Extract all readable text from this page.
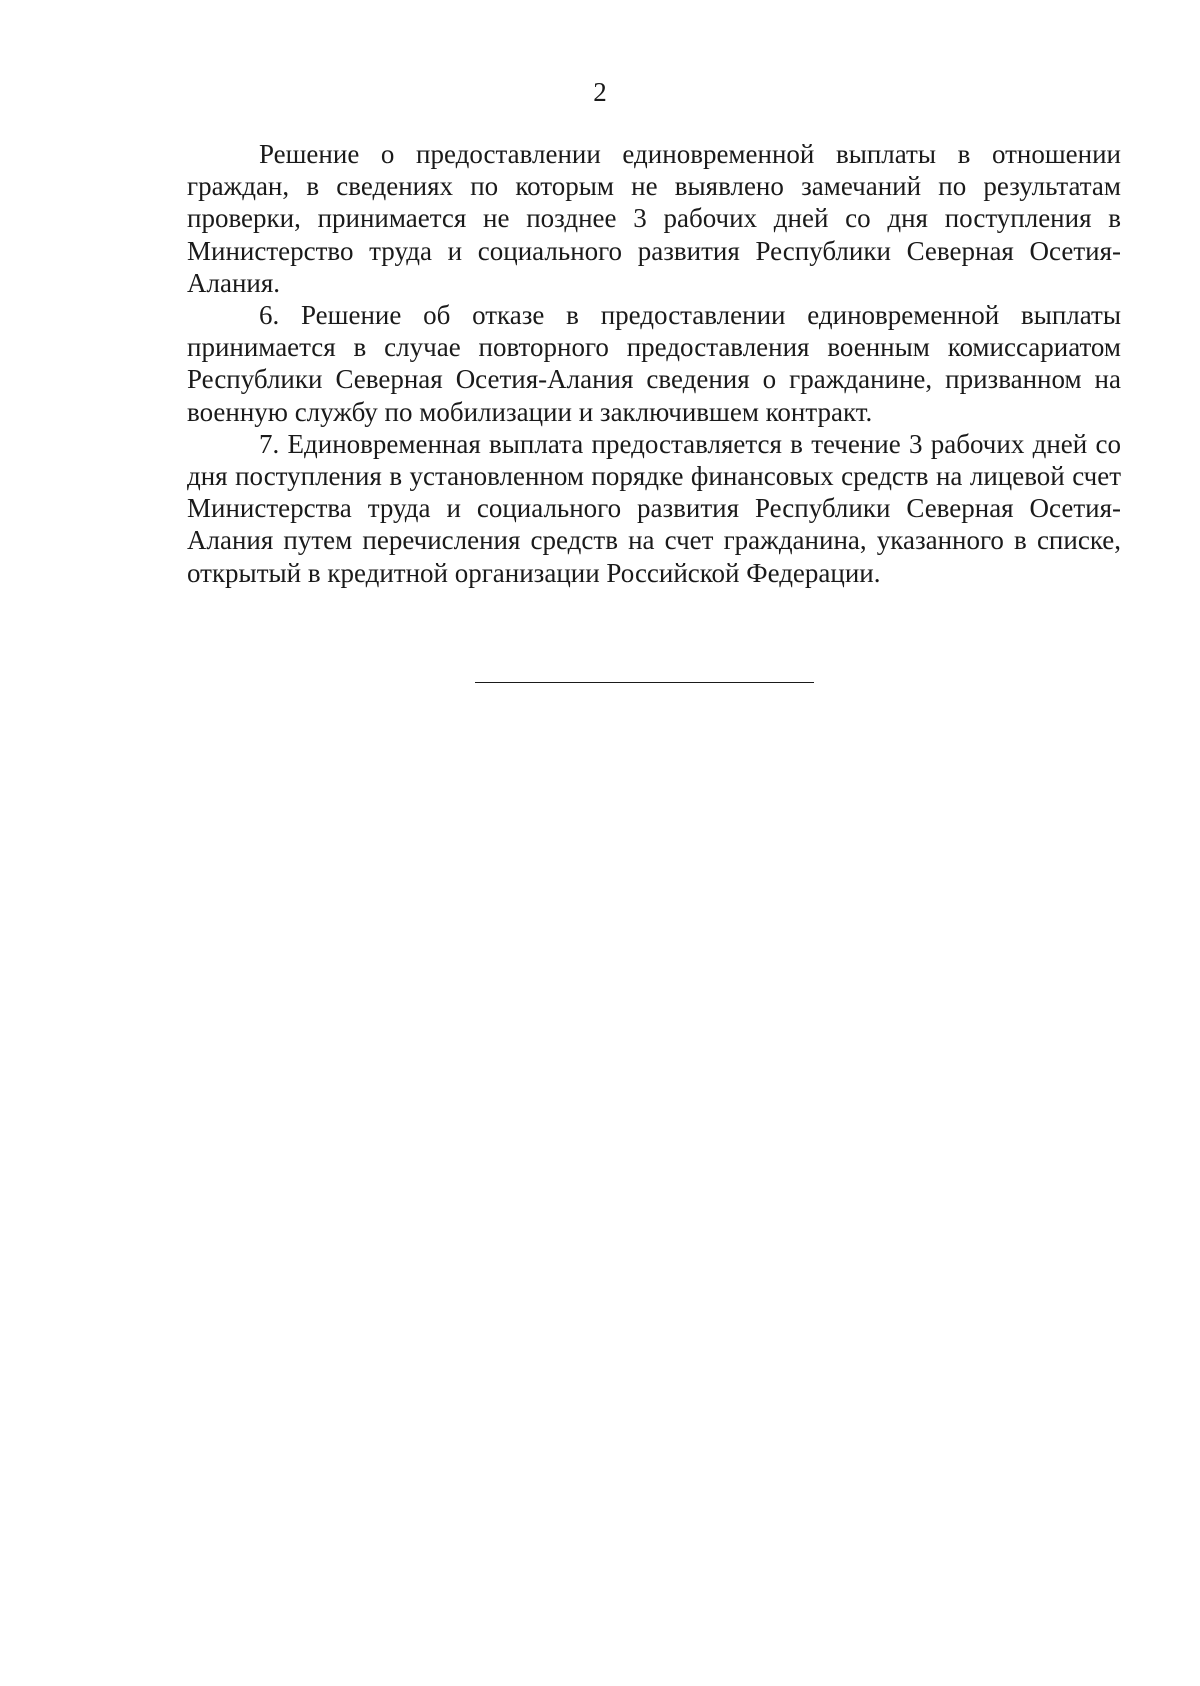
2

Решение о предоставлении единовременной выплаты в отношении граждан, в сведениях по которым не выявлено замечаний по результатам проверки, принимается не позднее 3 рабочих дней со дня поступления в Министерство труда и социального развития Республики Северная Осетия-Алания.

6. Решение об отказе в предоставлении единовременной выплаты принимается в случае повторного предоставления военным комиссариатом Республики Северная Осетия-Алания сведения о гражданине, призванном на военную службу по мобилизации и заключившем контракт.

7. Единовременная выплата предоставляется в течение 3 рабочих дней со дня поступления в установленном порядке финансовых средств на лицевой счет Министерства труда и социального развития Республики Северная Осетия-Алания путем перечисления средств на счет гражданина, указанного в списке, открытый в кредитной организации Российской Федерации.
